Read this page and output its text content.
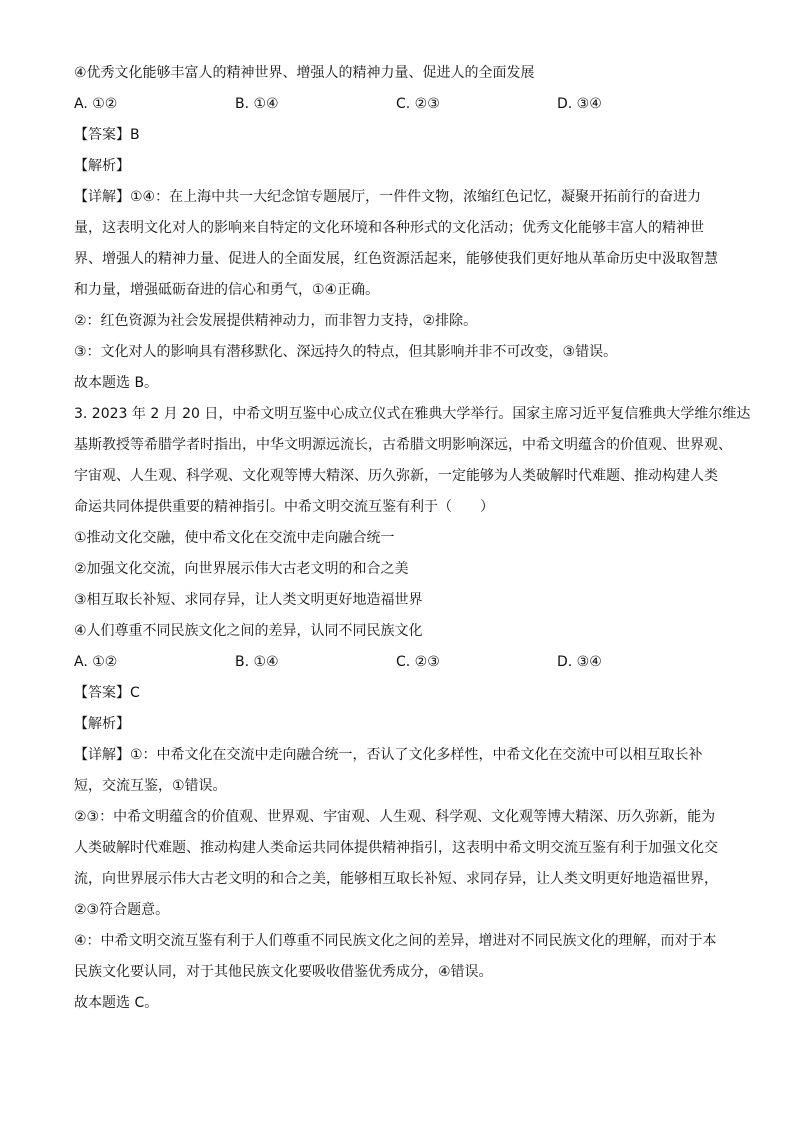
④优秀文化能够丰富人的精神世界、增强人的精神力量、促进人的全面发展
A. ①②	B. ①④	C. ②③	D. ③④
【答案】B
【解析】
【详解】①④：在上海中共一大纪念馆专题展厅，一件件文物，浓缩红色记忆，凝聚开拓前行的奋进力
量，这表明文化对人的影响来自特定的文化环境和各种形式的文化活动；优秀文化能够丰富人的精神世
界、增强人的精神力量、促进人的全面发展，红色资源活起来，能够使我们更好地从革命历史中汲取智慧
和力量，增强砥砺奋进的信心和勇气，①④正确。
②：红色资源为社会发展提供精神动力，而非智力支持，②排除。
③：文化对人的影响具有潜移默化、深远持久的特点，但其影响并非不可改变，③错误。
故本题选 B。
3. 2023 年 2 月 20 日，中希文明互鉴中心成立仪式在雅典大学举行。国家主席习近平复信雅典大学维尔维达
基斯教授等希腊学者时指出，中华文明源远流长，古希腊文明影响深远，中希文明蕴含的价值观、世界观、
宇宙观、人生观、科学观、文化观等博大精深、历久弥新，一定能够为人类破解时代难题、推动构建人类
命运共同体提供重要的精神指引。中希文明交流互鉴有利于（　　）
①推动文化交融，使中希文化在交流中走向融合统一
②加强文化交流，向世界展示伟大古老文明的和合之美
③相互取长补短、求同存异，让人类文明更好地造福世界
④人们尊重不同民族文化之间的差异，认同不同民族文化
A. ①②	B. ①④	C. ②③	D. ③④
【答案】C
【解析】
【详解】①：中希文化在交流中走向融合统一，否认了文化多样性，中希文化在交流中可以相互取长补
短，交流互鉴，①错误。
②③：中希文明蕴含的价值观、世界观、宇宙观、人生观、科学观、文化观等博大精深、历久弥新，能为
人类破解时代难题、推动构建人类命运共同体提供精神指引，这表明中希文明交流互鉴有利于加强文化交
流，向世界展示伟大古老文明的和合之美，能够相互取长补短、求同存异，让人类文明更好地造福世界，
②③符合题意。
④：中希文明交流互鉴有利于人们尊重不同民族文化之间的差异，增进对不同民族文化的理解，而对于本
民族文化要认同，对于其他民族文化要吸收借鉴优秀成分，④错误。
故本题选 C。
